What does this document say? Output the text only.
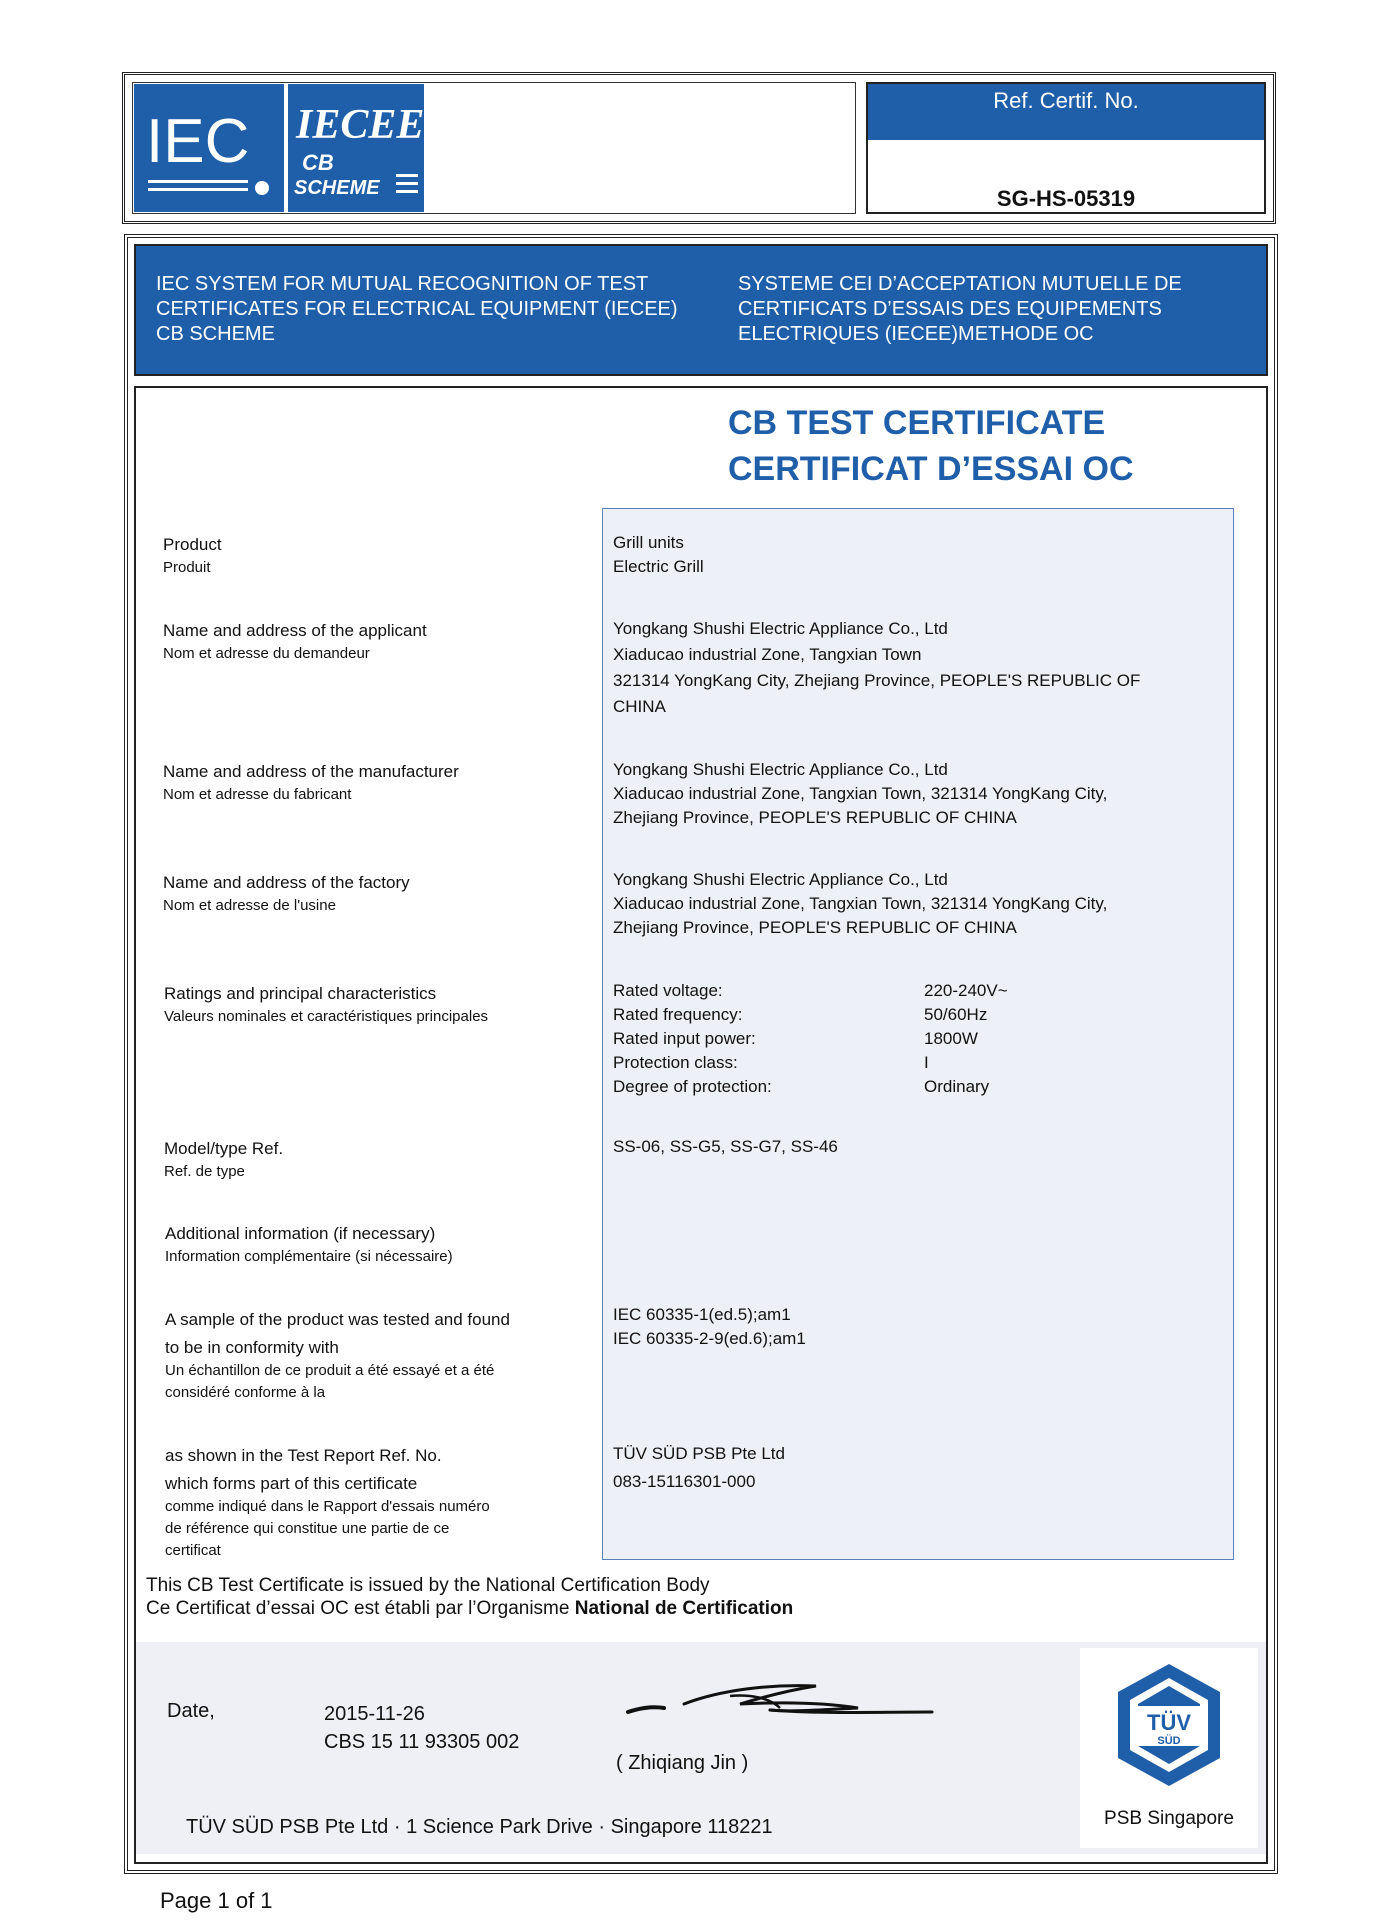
IEC IECEE
CB
SCHEME
Ref. Certif. No.
SG-HS-05319
IEC SYSTEM FOR MUTUAL RECOGNITION OF TEST
CERTIFICATES FOR ELECTRICAL EQUIPMENT (IECEE)
CB SCHEME
SYSTEME CEI D’ACCEPTATION MUTUELLE DE
CERTIFICATS D’ESSAIS DES EQUIPEMENTS
ELECTRIQUES (IECEE)METHODE OC
CB TEST CERTIFICATE
CERTIFICAT D’ESSAI OC
Product
Produit
Grill units
Electric Grill
Name and address of the applicant
Nom et adresse du demandeur
Yongkang Shushi Electric Appliance Co., Ltd
Xiaducao industrial Zone, Tangxian Town
321314 YongKang City, Zhejiang Province, PEOPLE'S REPUBLIC OF
CHINA
Name and address of the manufacturer
Nom et adresse du fabricant
Yongkang Shushi Electric Appliance Co., Ltd
Xiaducao industrial Zone, Tangxian Town, 321314 YongKang City,
Zhejiang Province, PEOPLE'S REPUBLIC OF CHINA
Name and address of the factory
Nom et adresse de l'usine
Yongkang Shushi Electric Appliance Co., Ltd
Xiaducao industrial Zone, Tangxian Town, 321314 YongKang City,
Zhejiang Province, PEOPLE'S REPUBLIC OF CHINA
Ratings and principal characteristics
Valeurs nominales et caractéristiques principales
Rated voltage:
Rated frequency:
Rated input power:
Protection class:
Degree of protection:
220-240V~
50/60Hz
1800W
I
Ordinary
Model/type Ref.
Ref. de type
SS-06, SS-G5, SS-G7, SS-46
Additional information (if necessary)
Information complémentaire (si nécessaire)
A sample of the product was tested and found
to be in conformity with
Un échantillon de ce produit a été essayé et a été
considéré conforme à la
IEC 60335-1(ed.5);am1
IEC 60335-2-9(ed.6);am1
as shown in the Test Report Ref. No.
which forms part of this certificate
comme indiqué dans le Rapport d'essais numéro
de référence qui constitue une partie de ce
certificat
TÜV SÜD PSB Pte Ltd
083-15116301-000
This CB Test Certificate is issued by the National Certification Body
Ce Certificat d’essai OC est établi par l’Organisme National de Certification
Date,	2015-11-26
CBS 15 11 93305 002
( Zhiqiang Jin )
TÜV SÜD PSB Pte Ltd · 1 Science Park Drive · Singapore 118221
TÜV
SÜD
PSB Singapore
Page 1 of 1
